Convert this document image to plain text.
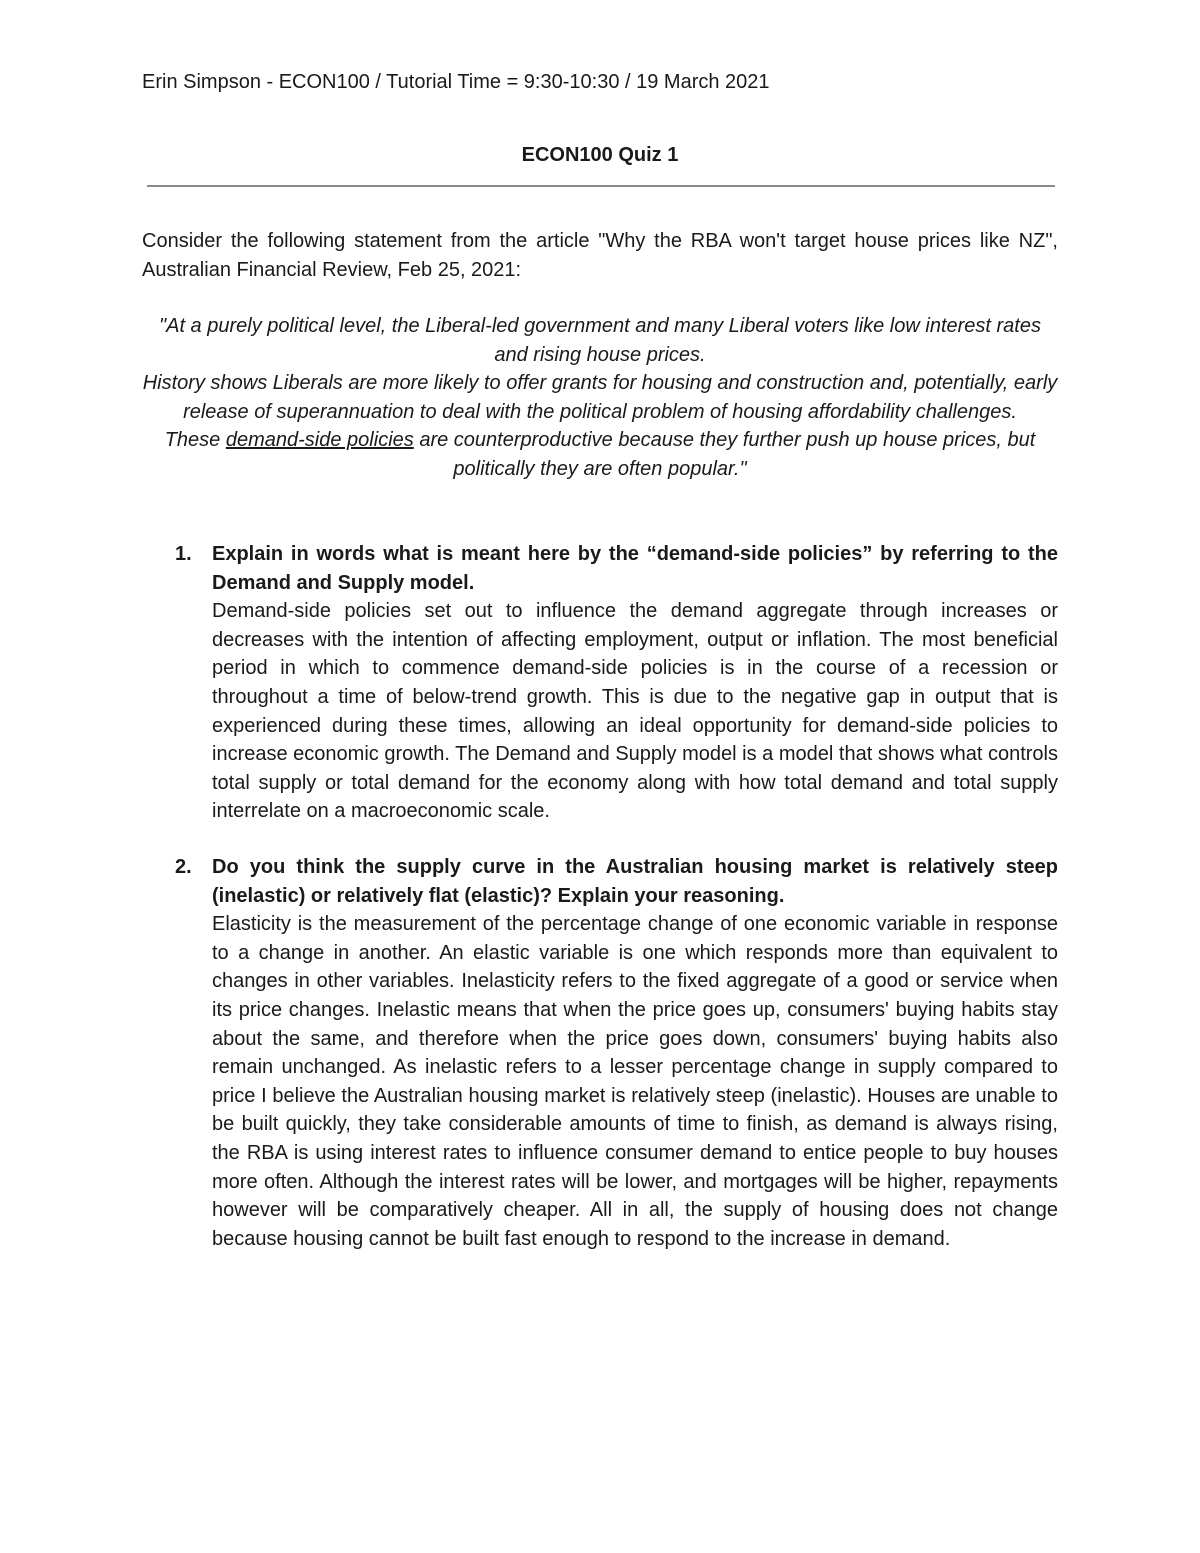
Erin Simpson - ECON100 / Tutorial Time = 9:30-10:30 / 19 March 2021
ECON100 Quiz 1
Consider the following statement from the article "Why the RBA won't target house prices like NZ", Australian Financial Review, Feb 25, 2021:

"At a purely political level, the Liberal-led government and many Liberal voters like low interest rates and rising house prices.

History shows Liberals are more likely to offer grants for housing and construction and, potentially, early release of superannuation to deal with the political problem of housing affordability challenges.

These demand-side policies are counterproductive because they further push up house prices, but politically they are often popular."

1. Explain in words what is meant here by the “demand-side policies” by referring to the Demand and Supply model.

Demand-side policies set out to influence the demand aggregate through increases or decreases with the intention of affecting employment, output or inflation. The most beneficial period in which to commence demand-side policies is in the course of a recession or throughout a time of below-trend growth. This is due to the negative gap in output that is experienced during these times, allowing an ideal opportunity for demand-side policies to increase economic growth. The Demand and Supply model is a model that shows what controls total supply or total demand for the economy along with how total demand and total supply interrelate on a macroeconomic scale.

2. Do you think the supply curve in the Australian housing market is relatively steep (inelastic) or relatively flat (elastic)? Explain your reasoning.

Elasticity is the measurement of the percentage change of one economic variable in response to a change in another. An elastic variable is one which responds more than equivalent to changes in other variables. Inelasticity refers to the fixed aggregate of a good or service when its price changes. Inelastic means that when the price goes up, consumers' buying habits stay about the same, and therefore when the price goes down, consumers' buying habits also remain unchanged. As inelastic refers to a lesser percentage change in supply compared to price I believe the Australian housing market is relatively steep (inelastic). Houses are unable to be built quickly, they take considerable amounts of time to finish, as demand is always rising, the RBA is using interest rates to influence consumer demand to entice people to buy houses more often. Although the interest rates will be lower, and mortgages will be higher, repayments however will be comparatively cheaper. All in all, the supply of housing does not change because housing cannot be built fast enough to respond to the increase in demand.
